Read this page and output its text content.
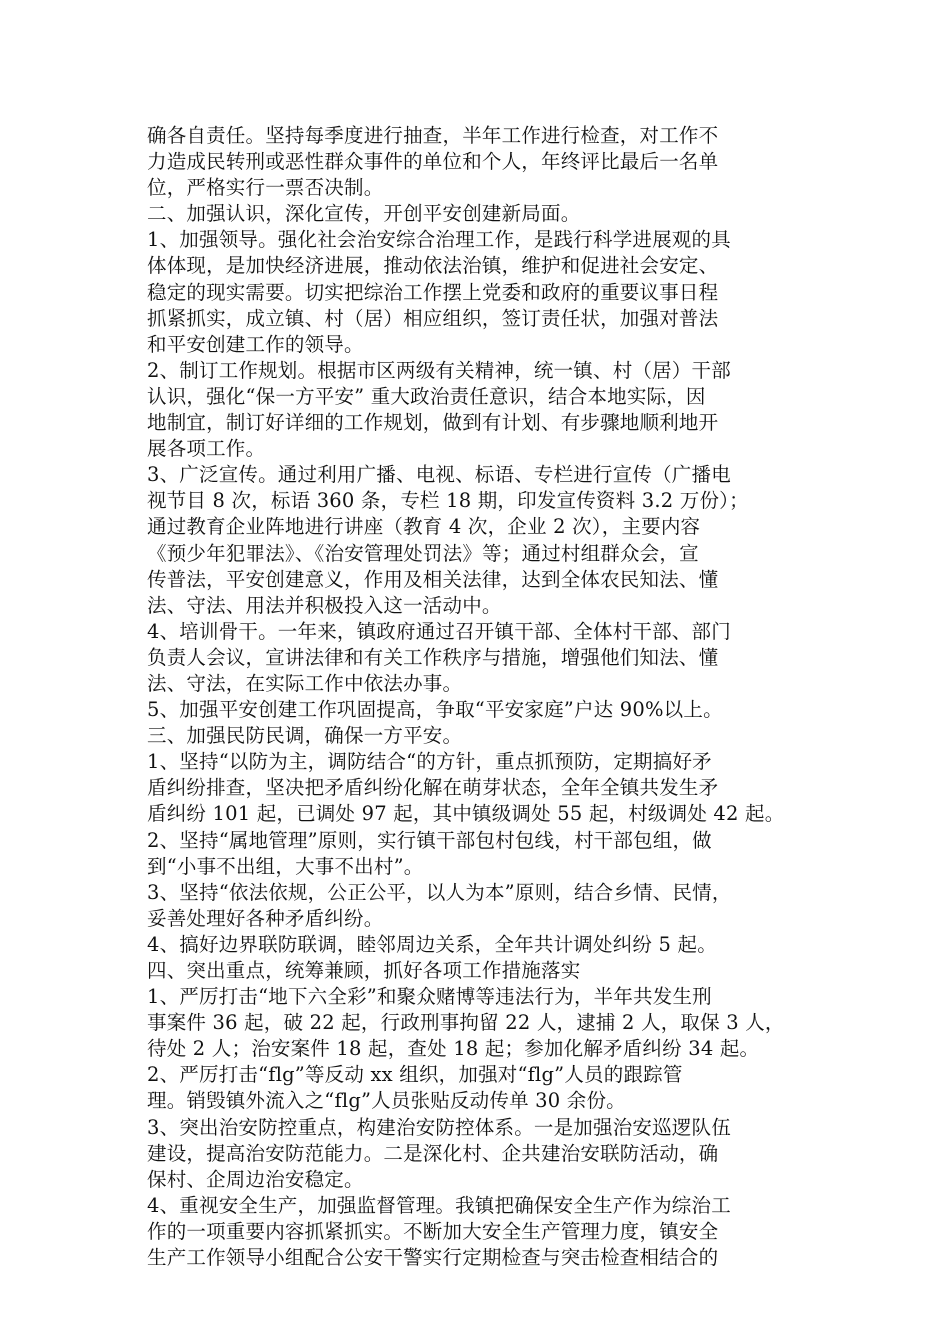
确各自责任。坚持每季度进行抽查，半年工作进行检查，对工作不
力造成民转刑或恶性群众事件的单位和个人，年终评比最后一名单
位，严格实行一票否决制。
二、加强认识，深化宣传，开创平安创建新局面。
1、加强领导。强化社会治安综合治理工作，是践行科学进展观的具
体体现，是加快经济进展，推动依法治镇，维护和促进社会安定、
稳定的现实需要。切实把综治工作摆上党委和政府的重要议事日程
抓紧抓实，成立镇、村（居）相应组织，签订责任状，加强对普法
和平安创建工作的领导。
2、制订工作规划。根据市区两级有关精神，统一镇、村（居）干部
认识，强化“保一方平安” 重大政治责任意识，结合本地实际，因
地制宜，制订好详细的工作规划，做到有计划、有步骤地顺利地开
展各项工作。
3、广泛宣传。通过利用广播、电视、标语、专栏进行宣传（广播电
视节目 8 次，标语 360 条，专栏 18 期，印发宣传资料 3.2 万份）；
通过教育企业阵地进行讲座（教育 4 次，企业 2 次），主要内容
《预少年犯罪法》、《治安管理处罚法》等；通过村组群众会，宣
传普法，平安创建意义，作用及相关法律，达到全体农民知法、懂
法、守法、用法并积极投入这一活动中。
4、培训骨干。一年来，镇政府通过召开镇干部、全体村干部、部门
负责人会议，宣讲法律和有关工作秩序与措施，增强他们知法、懂
法、守法，在实际工作中依法办事。
5、加强平安创建工作巩固提高，争取“平安家庭”户达 90%以上。
三、加强民防民调，确保一方平安。
1、坚持“以防为主，调防结合“的方针，重点抓预防，定期搞好矛
盾纠纷排查，坚决把矛盾纠纷化解在萌芽状态，全年全镇共发生矛
盾纠纷 101 起，已调处 97 起，其中镇级调处 55 起，村级调处 42 起。
2、坚持“属地管理”原则，实行镇干部包村包线，村干部包组，做
到“小事不出组，大事不出村”。
3、坚持“依法依规，公正公平，以人为本”原则，结合乡情、民情，
妥善处理好各种矛盾纠纷。
4、搞好边界联防联调，睦邻周边关系，全年共计调处纠纷 5 起。
四、突出重点，统筹兼顾，抓好各项工作措施落实
1、严厉打击“地下六全彩”和聚众赌博等违法行为，半年共发生刑
事案件 36 起，破 22 起，行政刑事拘留 22 人，逮捕 2 人，取保 3 人，
待处 2 人；治安案件 18 起，查处 18 起；参加化解矛盾纠纷 34 起。
2、严厉打击“flg”等反动 xx 组织，加强对“flg”人员的跟踪管
理。销毁镇外流入之“flg”人员张贴反动传单 30 余份。
3、突出治安防控重点，构建治安防控体系。一是加强治安巡逻队伍
建设，提高治安防范能力。二是深化村、企共建治安联防活动，确
保村、企周边治安稳定。
4、重视安全生产，加强监督管理。我镇把确保安全生产作为综治工
作的一项重要内容抓紧抓实。不断加大安全生产管理力度，镇安全
生产工作领导小组配合公安干警实行定期检查与突击检查相结合的
